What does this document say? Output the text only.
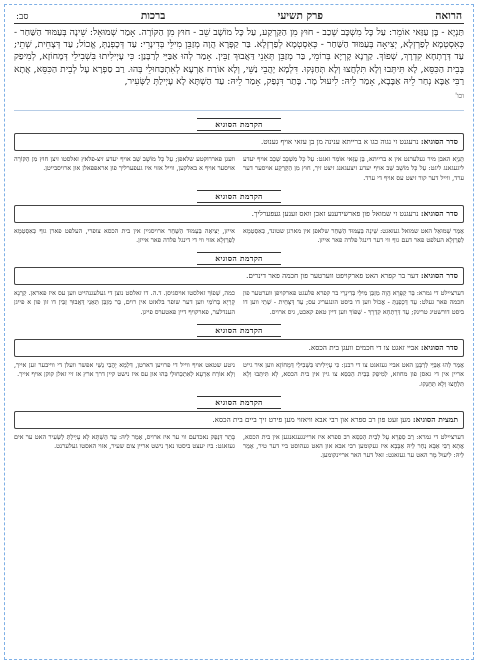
הרואה
פרק תשיעי
ברכות
סב:
תַּנְיָא - בֶּן עַזַּאי אוֹמֵר: עַל כָּל מִשְׁכָּב שְׁכַב - חוּץ מִן הַקַּרְקַע, עַל כָּל מוֹשָׁב שֵׁב - חוּץ מִן הַקּוֹרָה. אָמַר שְׁמוּאֵל: שֵׁינָה בְּעַמּוּד הַשַּׁחַר - כְּאִסְטְמָא לְפַרְזְלָא, יְצִיאָה בְּעַמּוּד הַשַּׁחַר - כְּאִסְטְמָא לְפַרְזְלָא. בַּר קַפָּרָא הֲוָה מְזַבֵּן מִילֵּי בְּדִינָרֵי: עַד דְּכָפְנַתְּ, אֱכוֹל; עַד דְּצָחֵית, שְׁתֵי; עַד דְּרָתְחָא קִדְרָךְ, שְׁפוֹךְ. קַרְנָא קָרְיָא בְּרוֹמֵי, בַּר מְזַבֵּן תְּאֵנֵי דַּאֲבוּךְ זַבֵּין. אָמַר לְהוּ אַבַּיֵּי לְרַבָּנַן: כִּי עָיְילִיתוּ בִּשְׁבִילֵי דְּמָחוֹזָא, לְמִיפַק בְּבֵית הַכִּסֵּא, לָא תִּיתְּבוּ וְלָא תִּלְחֲצוּ וְלָא תְּחַנְּקוּ. דִּלְמָא יָהֲבֵי נַשֵּׁי, וְלָא אוֹרַח אַרְעָא לְאִתְכַּחוּלֵי בְּהוּ. רַב סַפְרָא עָל לְבֵית הַכִּסֵּא, אֲתָא רַבִּי אַבָּא נְחַר לֵיהּ אַבָּבָא, אָמַר לֵיהּ: לִיעוּל מָר. בָּתַר דִּנְפַק, אָמַר לֵיהּ: עַד הַשְׁתָּא לָא עָיְילַתְּ לַשְּׂעִיר,
וכו'
הקדמת הסוגיא
סדר הסוגיא: נרעגנט זי נגוה כגו א ברייתא ענינה מן בן עזאי אויף גענוט.
תַּנְיָא האבן מיר געלערנט אין א ברייתא, בֶּן עַזַּאי אוֹמֵר זאגט: עַל כָּל מִשְׁכָּב שְׁכַב אויף יעדע ליגעגאנג ליגט: עַל כָּל מוֹשָׁב שֵׁב אויף יעדע זיצעגאנג זיצט זיך, חוּץ מִן הַקַּרְקַע אויסער דער ערד, ווייל דער קור זיצט עס אויף די ערד.
וועגן פאררוקטע שלאפן; עַל כָּל מוֹשָׁב שֵׁב אויף יעדע זיצ-פלאץ זאלסטו זיצן חוּץ מִן הַקּוֹרָה אויסער אויף א באלקען, ווייל אזוי איז געפערליך פון אראפפאלן און ארויסבייטן.
הקדמת הסוגיא
סדר הסוגיא: נרעגנט זי שמואל פון פארשידענע זאכן וואס זענען געפערליך.
אָמַר שְׁמוּאֵל האט שמואל געזאגט: שֵׁינָה בְּעַמּוּד הַשַּׁחַר שלאפן אין מארגן שטונד, כְּאִסְטְמָא לְפַרְזְלָא העלפט פאר דעם גוף ווי דער דינגל פלדה פאר אייזן.
אייזן, יְצִיאָה בְּעַמּוּד הַשַּׁחַר ארויסגיין אין בית הכסא צופרי, העלפט פארן גוף כְּאִסְטְמָא לְפַרְזְלָא אזוי ווי די דינגל פלדה פאר אייזן.
הקדמת הסוגיא
סדר הסוגיא: דער בר קפרא האט פארקויפט ווערטער פון חכמה פאר דינרים.
דערציילט די גמרא: בַּר קַפָּרָא הֲוָה מְזַבֵּן מִילֵּי בְּדִינָרֵי בר קפרא פלעגט פארקויפן ווערטער פון חכמה פאר געלט: עַד דְּכָפְנַתְּ - אֱכוֹל ווען דו ביסט הונגעריג עס; עַד דְּצָחֵית - שְׁתֵי ווען דו ביסט דורשטיג טרינק; עַד דְּרָתְחָא קִדְרָךְ - שְׁפוֹךְ ווען דיין טאפ קאכט, גיס ארויס.
כמה, שְׁפוֹךְ זאלסטו אויסגיסן. ד.ה. דו זאלסט נוצן די געלעגנהייט ווען עס איז פאראן. קַרְנָא קָרְיָא בְּרוֹמֵי ווען דער שופר בלאזט אין רוים, בַּר מְזַבֵּן תְּאֵנֵי דַּאֲבוּךְ זַבֵּין דו זון פון א פייגן הענדלער, פארקויף דיין פאטערס פייגן.
הקדמת הסוגיא
סדר הסוגיא: אביי זאגט צו די חכמים וועגן בית הכסא.
אָמַר לְהוּ אַבַּיֵּי לְרַבָּנַן האט אביי געזאגט צו די רבנן: כִּי עָיְילִיתוּ בִּשְׁבִילֵי דְּמָחוֹזָא ווען איר גייט אריין אין די גאסן פון מחוזא, לְמִיפַק בְּבֵית הַכִּסֵּא צו גיין אין בית הכסא, לָא תִּיתְּבוּ וְלָא תִּלְחֲצוּ וְלָא תְּחַנְּקוּ.
ניטע שטאט אויף ווייל די פרויען דארטן, דִּלְמָא יָהֲבֵי נַשֵּׁי אפשר וועלן די ווייבער זען אייך, וְלָא אוֹרַח אַרְעָא לְאִתְכַּחוּלֵי בְּהוּ און עס איז נישט קיין דרך ארץ אז זיי זאלן קוקן אויף אייך.
הקדמת הסוגיא
תמצית הסוגיא: מען זעט פון רב ספרא און רבי אבא וויאזוי מען פירט זיך ביים בית הכסא.
דערציילט די גמרא: רַב סַפְרָא עָל לְבֵית הַכִּסֵּא רב ספרא איז אריינגעגאנגען אין בית הכסא, אֲתָא רַבִּי אַבָּא נְחַר לֵיהּ אַבָּבָא איז געקומען רבי אבא און האט געהוסט ביי דער טיר, אָמַר לֵיהּ: לִיעוּל מָר האט ער געזאגט: זאל דער האר אריינקומען.
בָּתַר דִּנְפַק נאכדעם ווי ער איז ארויס, אָמַר לֵיהּ: עַד הַשְׁתָּא לָא עָיְילַתְּ לַשְּׂעִיר האט ער אים געזאגט: ביז יעצט ביסטו נאך נישט אריין צום שעיר, אזוי האסטו געלערנט.
